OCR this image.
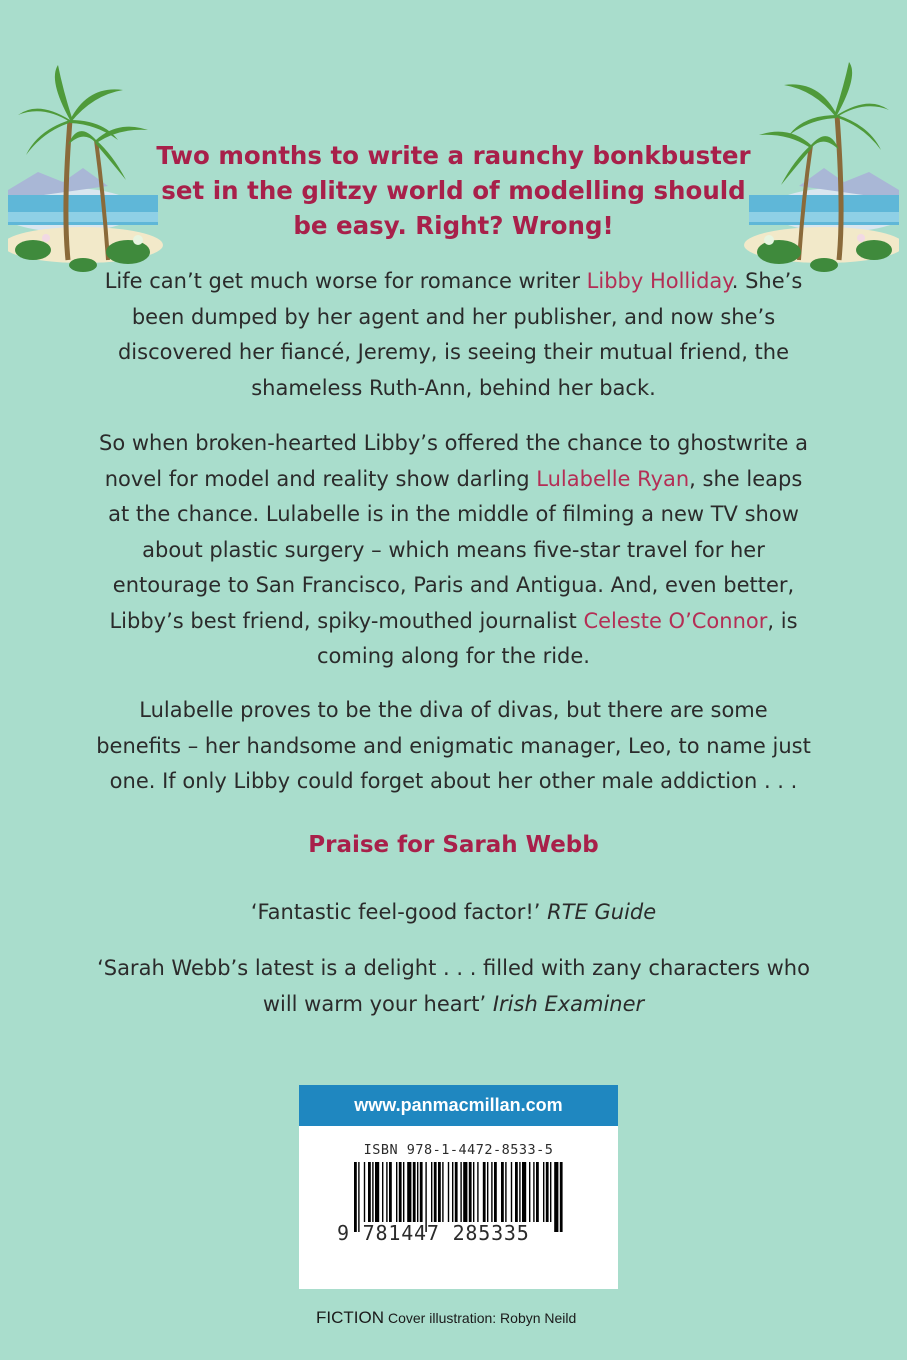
Two months to write a raunchy bonkbuster set in the glitzy world of modelling should be easy. Right? Wrong!

Life can’t get much worse for romance writer Libby Holliday. She’s been dumped by her agent and her publisher, and now she’s discovered her fiancé, Jeremy, is seeing their mutual friend, the shameless Ruth-Ann, behind her back.

So when broken-hearted Libby’s offered the chance to ghostwrite a novel for model and reality show darling Lulabelle Ryan, she leaps at the chance. Lulabelle is in the middle of filming a new TV show about plastic surgery – which means five-star travel for her entourage to San Francisco, Paris and Antigua. And, even better, Libby’s best friend, spiky-mouthed journalist Celeste O’Connor, is coming along for the ride.

Lulabelle proves to be the diva of divas, but there are some benefits – her handsome and enigmatic manager, Leo, to name just one. If only Libby could forget about her other male addiction . . .

Praise for Sarah Webb

‘Fantastic feel-good factor!’ RTE Guide

‘Sarah Webb’s latest is a delight . . . filled with zany characters who will warm your heart’ Irish Examiner

www.panmacmillan.com
ISBN 978-1-4472-8533-5
9 781447 285335
FICTION Cover illustration: Robyn Neild
